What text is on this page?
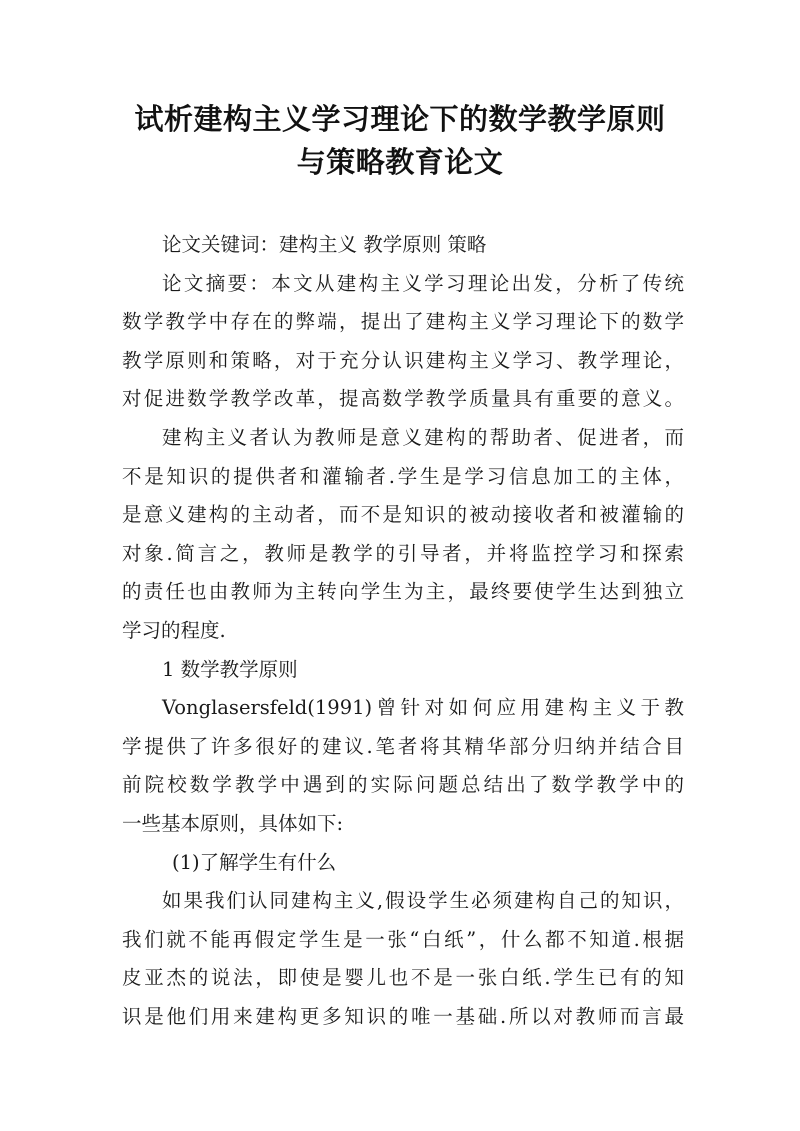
试析建构主义学习理论下的数学教学原则
与策略教育论文
论文关键词：建构主义 教学原则 策略
论文摘要：本文从建构主义学习理论出发，分析了传统
数学教学中存在的弊端，提出了建构主义学习理论下的数学
教学原则和策略，对于充分认识建构主义学习、教学理论，
对促进数学教学改革，提高数学教学质量具有重要的意义。
建构主义者认为教师是意义建构的帮助者、促进者，而
不是知识的提供者和灌输者.学生是学习信息加工的主体，
是意义建构的主动者，而不是知识的被动接收者和被灌输的
对象.简言之，教师是教学的引导者，并将监控学习和探索
的责任也由教师为主转向学生为主，最终要使学生达到独立
学习的程度.
1 数学教学原则
Vonglasersfeld(1991)曾针对如何应用建构主义于教
学提供了许多很好的建议.笔者将其精华部分归纳并结合目
前院校数学教学中遇到的实际问题总结出了数学教学中的
一些基本原则，具体如下:
(1)了解学生有什么
如果我们认同建构主义,假设学生必须建构自己的知识，
我们就不能再假定学生是一张“白纸”，什么都不知道.根据
皮亚杰的说法，即使是婴儿也不是一张白纸.学生已有的知
识是他们用来建构更多知识的唯一基础.所以对教师而言最
